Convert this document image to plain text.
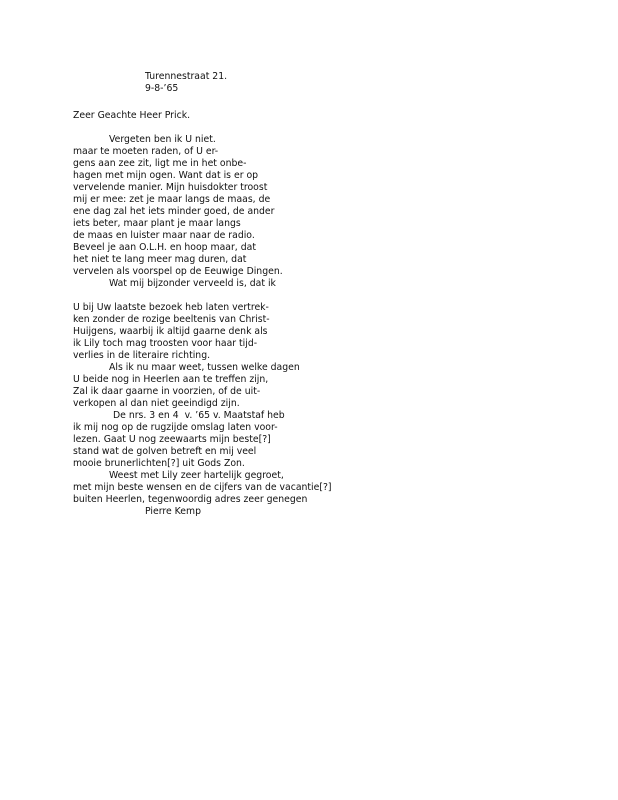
Turennestraat 21.
9-8-’65
Zeer Geachte Heer Prick.
Vergeten ben ik U niet.
maar te moeten raden, of U er-
gens aan zee zit, ligt me in het onbe-
hagen met mijn ogen. Want dat is er op
vervelende manier. Mijn huisdokter troost
mij er mee: zet je maar langs de maas, de
ene dag zal het iets minder goed, de ander
iets beter, maar plant je maar langs
de maas en luister maar naar de radio.
Beveel je aan O.L.H. en hoop maar, dat
het niet te lang meer mag duren, dat
vervelen als voorspel op de Eeuwige Dingen.
Wat mij bijzonder verveeld is, dat ik
U bij Uw laatste bezoek heb laten vertrek-
ken zonder de rozige beeltenis van Christ-
Huijgens, waarbij ik altijd gaarne denk als
ik Lily toch mag troosten voor haar tijd-
verlies in de literaire richting.
Als ik nu maar weet, tussen welke dagen
U beide nog in Heerlen aan te treffen zijn,
Zal ik daar gaarne in voorzien, of de uit-
verkopen al dan niet geeindigd zijn.
De nrs. 3 en 4  v. ’65 v. Maatstaf heb
ik mij nog op de rugzijde omslag laten voor-
lezen. Gaat U nog zeewaarts mijn beste[?]
stand wat de golven betreft en mij veel
mooie brunerlichten[?] uit Gods Zon.
Weest met Lily zeer hartelijk gegroet,
met mijn beste wensen en de cijfers van de vacantie[?]
buiten Heerlen, tegenwoordig adres zeer genegen
Pierre Kemp
